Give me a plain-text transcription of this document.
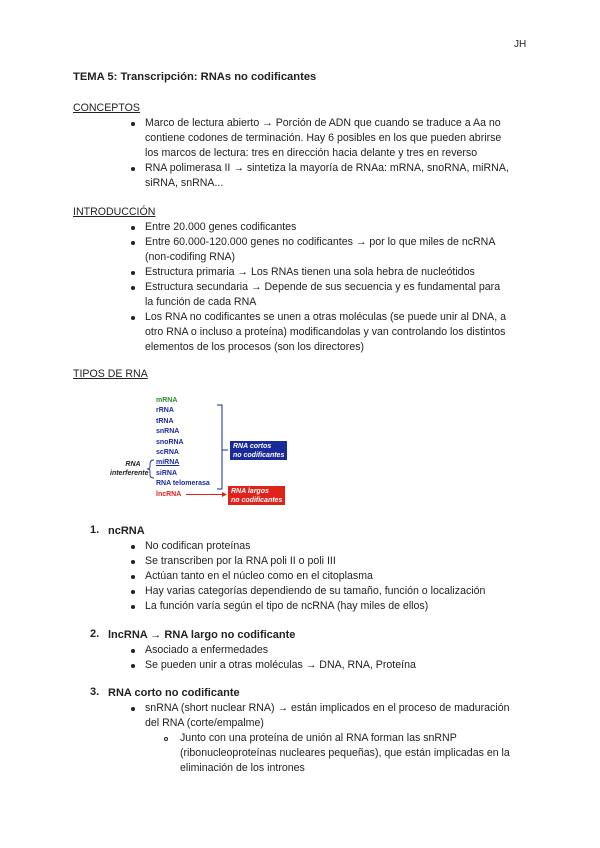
JH
TEMA 5: Transcripción: RNAs no codificantes
CONCEPTOS
Marco de lectura abierto → Porción de ADN que cuando se traduce a Aa no
contiene codones de terminación. Hay 6 posibles en los que pueden abrirse
los marcos de lectura: tres en dirección hacia delante y tres en reverso
RNA polimerasa II → sintetiza la mayoría de RNAa: mRNA, snoRNA, miRNA,
siRNA, snRNA...
INTRODUCCIÓN
Entre 20.000 genes codificantes
Entre 60.000-120.000 genes no codificantes → por lo que miles de ncRNA
(non-codifing RNA)
Estructura primaria → Los RNAs tienen una sola hebra de nucleótidos
Estructura secundaria → Depende de sus secuencia y es fundamental para
la función de cada RNA
Los RNA no codificantes se unen a otras moléculas (se puede unir al DNA, a
otro RNA o incluso a proteína) modificandolas y van controlando los distintos
elementos de los procesos (son los directores)
TIPOS DE RNA
mRNA
rRNA
tRNA
snRNA
snoRNA
scRNA
miRNA
siRNA
RNA telomerasa
lncRNA
RNA
interferente
RNA cortos
no codificantes
RNA largos
no codificantes
1. ncRNA
No codifican proteínas
Se transcriben por la RNA poli II o poli III
Actúan tanto en el núcleo como en el citoplasma
Hay varias categorías dependiendo de su tamaño, función o localización
La función varía según el tipo de ncRNA (hay miles de ellos)
2. lncRNA → RNA largo no codificante
Asociado a enfermedades
Se pueden unir a otras moléculas → DNA, RNA, Proteína
3. RNA corto no codificante
snRNA (short nuclear RNA) → están implicados en el proceso de maduración
del RNA (corte/empalme)
Junto con una proteína de unión al RNA forman las snRNP
(ribonucleoproteínas nucleares pequeñas), que están implicadas en la
eliminación de los intrones
